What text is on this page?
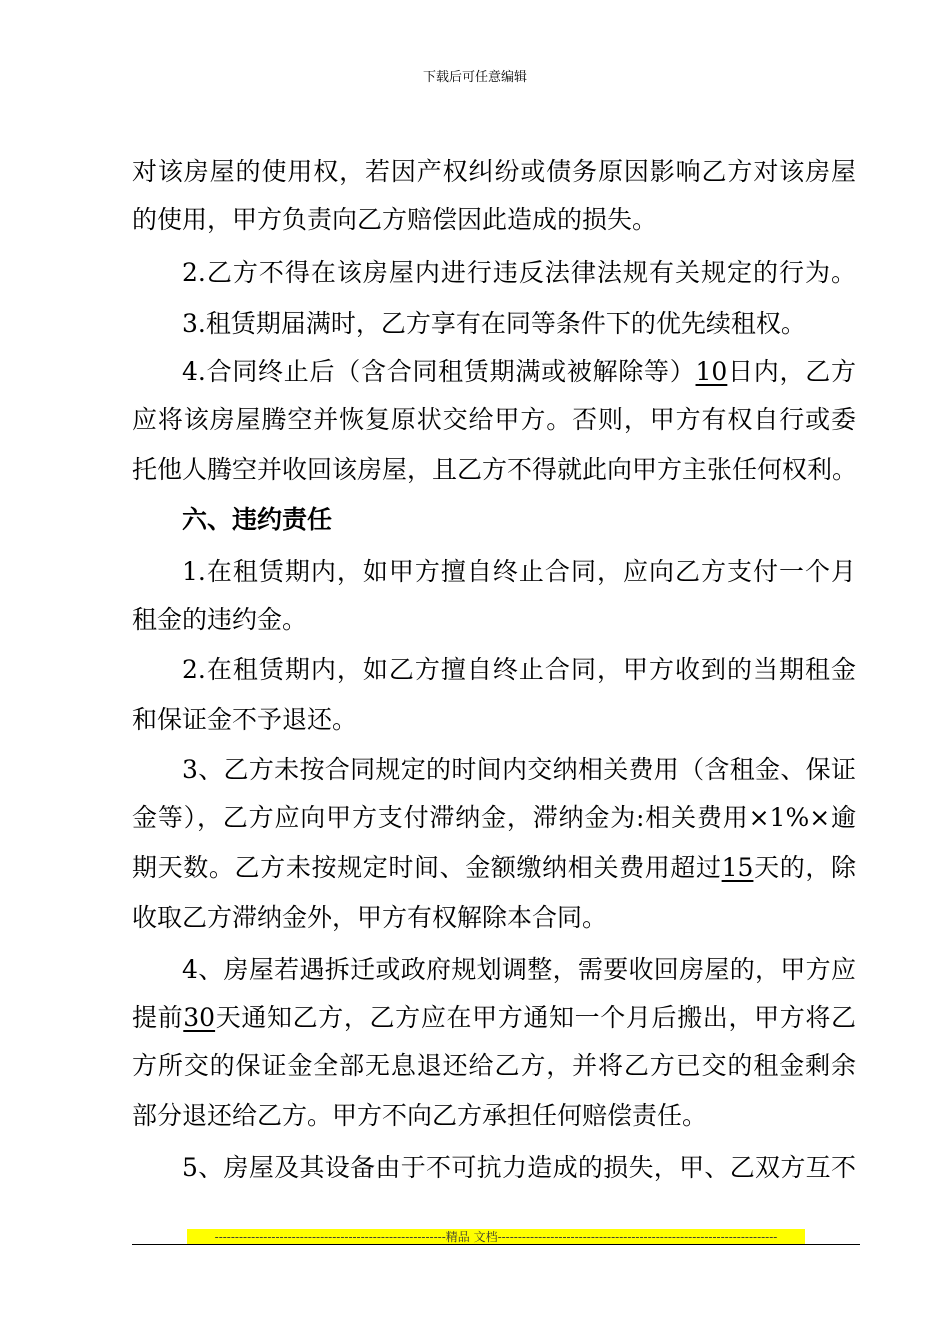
下载后可任意编辑
对该房屋的使用权，若因产权纠纷或债务原因影响乙方对该房屋
的使用，甲方负责向乙方赔偿因此造成的损失。
2.乙方不得在该房屋内进行违反法律法规有关规定的行为。
3.租赁期届满时，乙方享有在同等条件下的优先续租权。
4.合同终止后（含合同租赁期满或被解除等）10日内，乙方
应将该房屋腾空并恢复原状交给甲方。否则，甲方有权自行或委
托他人腾空并收回该房屋，且乙方不得就此向甲方主张任何权利。
六、违约责任
1.在租赁期内，如甲方擅自终止合同，应向乙方支付一个月
租金的违约金。
2.在租赁期内，如乙方擅自终止合同，甲方收到的当期租金
和保证金不予退还。
3、乙方未按合同规定的时间内交纳相关费用（含租金、保证
金等），乙方应向甲方支付滞纳金，滞纳金为:相关费用×1%×逾
期天数。乙方未按规定时间、金额缴纳相关费用超过15天的，除
收取乙方滞纳金外，甲方有权解除本合同。
4、房屋若遇拆迁或政府规划调整，需要收回房屋的，甲方应
提前30天通知乙方，乙方应在甲方通知一个月后搬出，甲方将乙
方所交的保证金全部无息退还给乙方，并将乙方已交的租金剩余
部分退还给乙方。甲方不向乙方承担任何赔偿责任。
5、房屋及其设备由于不可抗力造成的损失，甲、乙双方互不
---------------------------------------------------------精品 文档---------------------------------------------------------------------
